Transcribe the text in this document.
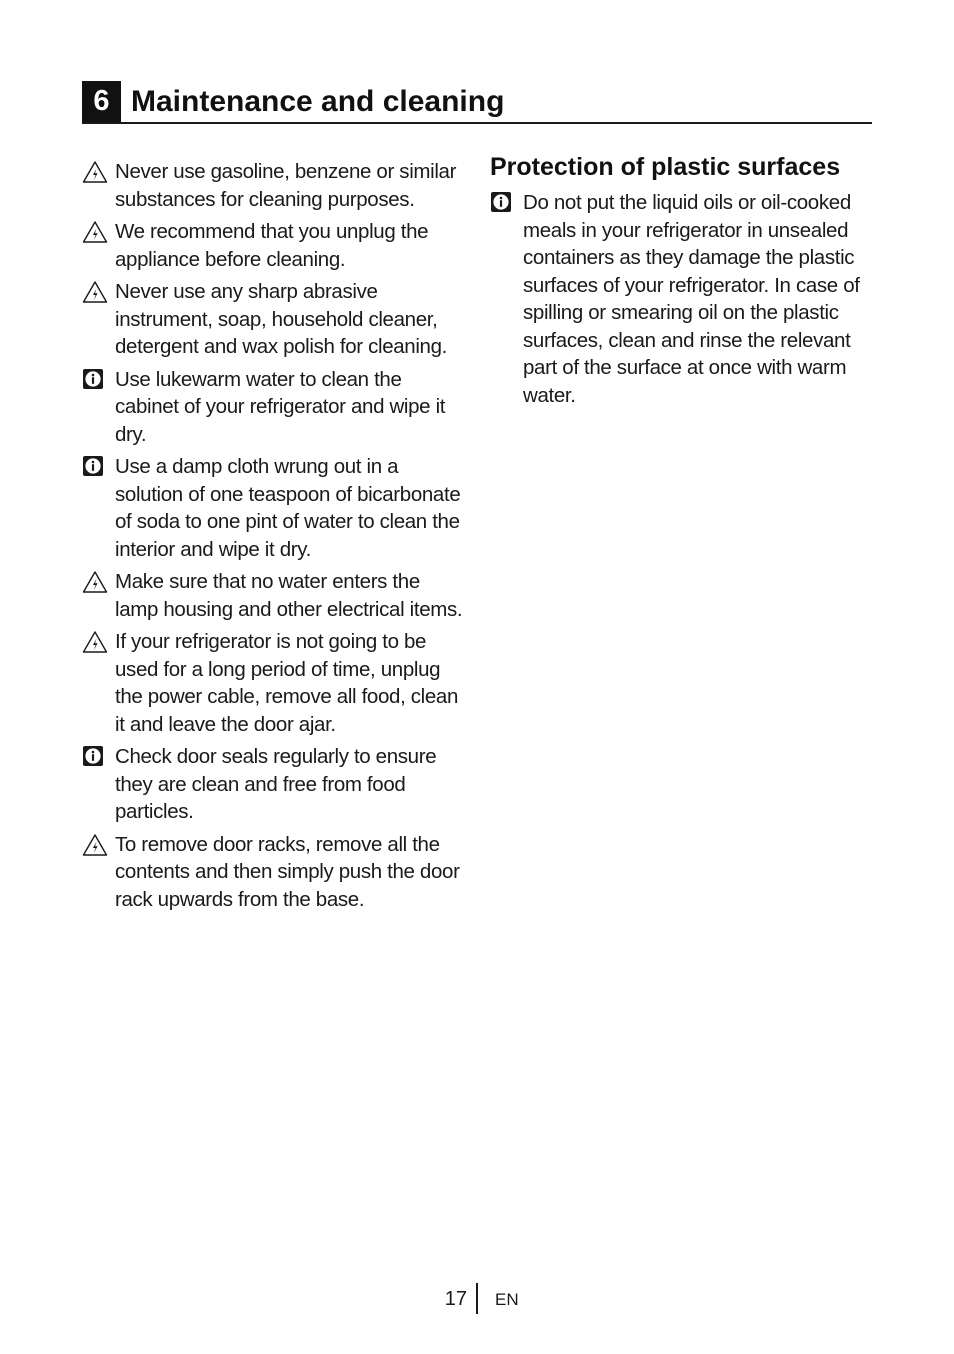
6 Maintenance and cleaning
Never use gasoline, benzene or similar substances for cleaning purposes.
We recommend that you unplug the appliance before cleaning.
Never use any sharp abrasive instrument, soap, household cleaner, detergent and wax polish for cleaning.
Use lukewarm water to clean the cabinet of your refrigerator and wipe it dry.
Use a damp cloth wrung out in a solution of one teaspoon of bicarbonate of soda to one pint of water to clean the interior and wipe it dry.
Make sure that no water enters the lamp housing and other electrical items.
If your refrigerator is not going to be used for a long period of time, unplug the power cable, remove all food, clean it and leave the door ajar.
Check door seals regularly to ensure they are clean and free from food particles.
To remove door racks, remove all the contents and then simply push the door rack upwards from the base.
Protection of plastic surfaces
Do not put the liquid oils or oil-cooked meals in your refrigerator in unsealed containers as they damage the plastic surfaces of your refrigerator. In case of spilling or smearing oil on the plastic surfaces, clean and rinse the relevant part of the surface at once with warm water.
17 EN
